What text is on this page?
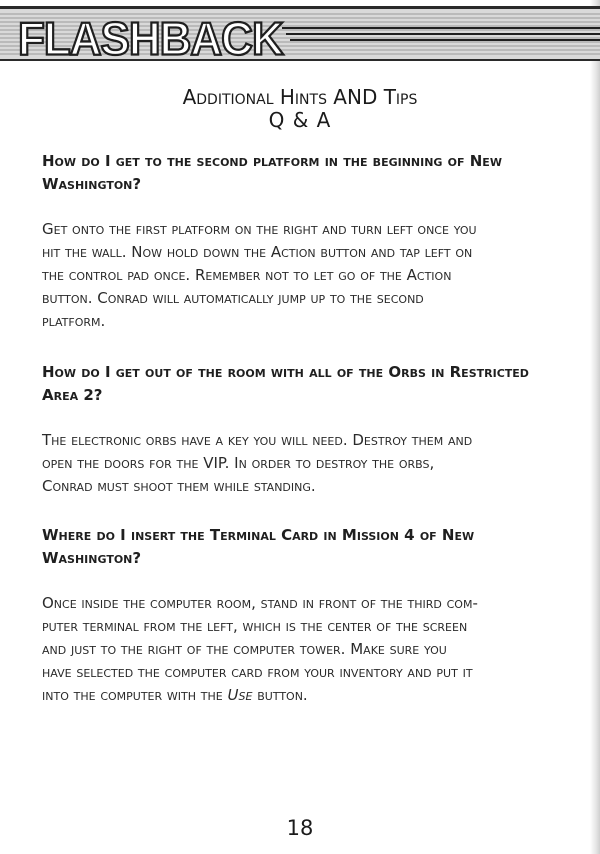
FLASHBACK
Additional Hints AND Tips
Q & A
How do I get to the second platform in the beginning of New
Washington?
Get onto the first platform on the right and turn left once you
hit the wall. Now hold down the Action button and tap left on
the control pad once. Remember not to let go of the Action
button. Conrad will automatically jump up to the second
platform.
How do I get out of the room with all of the Orbs in Restricted
Area 2?
The electronic orbs have a key you will need. Destroy them and
open the doors for the VIP. In order to destroy the orbs,
Conrad must shoot them while standing.
Where do I insert the Terminal Card in Mission 4 of New
Washington?
Once inside the computer room, stand in front of the third com-
puter terminal from the left, which is the center of the screen
and just to the right of the computer tower. Make sure you
have selected the computer card from your inventory and put it
into the computer with the Use button.
18
